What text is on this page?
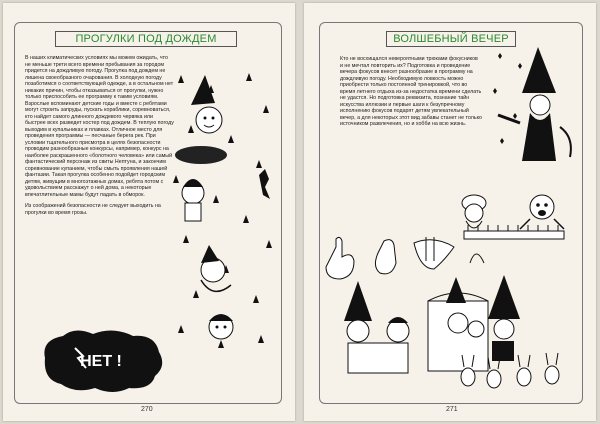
ПРОГУЛКИ ПОД ДОЖДЕМ

В наших климатических условиях мы можем ожидать, что не меньше трети всего времени пребывания за городом придется на дождливую погоду. Прогулка под дождем не лишена своеобразного очарования. В холодную погоду позаботимся о соответствующей одежде, а в остальном нет никаких причин, чтобы отказываться от прогулки, нужно только приспособить ее программу к таким условиям. Взрослые вспоминают детские годы и вместе с ребятами могут строить запруды, пускать кораблики, соревноваться, кто найдет самого длинного дождевого червяка или быстрее всех разведет костер под дождем. В теплую погоду выходим в купальниках и плавках. Отличное место для проведения программы — песчаные берега рек. При условии тщательного присмотра в целях безопасности проводим разнообразные конкурсы, например, конкурс на наиболее раскрашенного «болотного человека» или самый фантастический персонаж из свиты Нептуна, и закончим соревнование купанием, чтобы смыть проявления нашей фантазии. Такая прогулка особенно подойдет городским детям, живущим в многоэтажных домах, ребята потом с удовольствием расскажут о ней дома, а некоторые впечатлительные мамы будут падать в обморок.

Из соображений безопасности не следует выходить на прогулки во время грозы.

НЕТ !
270
ВОЛШЕБНЫЙ ВЕЧЕР

Кто не восхищался невероятными трюками фокусников и не мечтал повторить их? Подготовка и проведение вечера фокусов внесет разнообразие в программу на дождливую погоду. Необходимую ловкость можно приобрести только постоянной тренировкой, что во время летнего отдыха из-за недостатка времени сделать не удастся. Но подготовка реквизита, познание тайн искусства иллюзии и первые шаги к безупречному исполнению фокусов подарят детям увлекательный вечер, а для некоторых этот вид забавы станет не только источником развлечения, но и хобби на всю жизнь.

271
